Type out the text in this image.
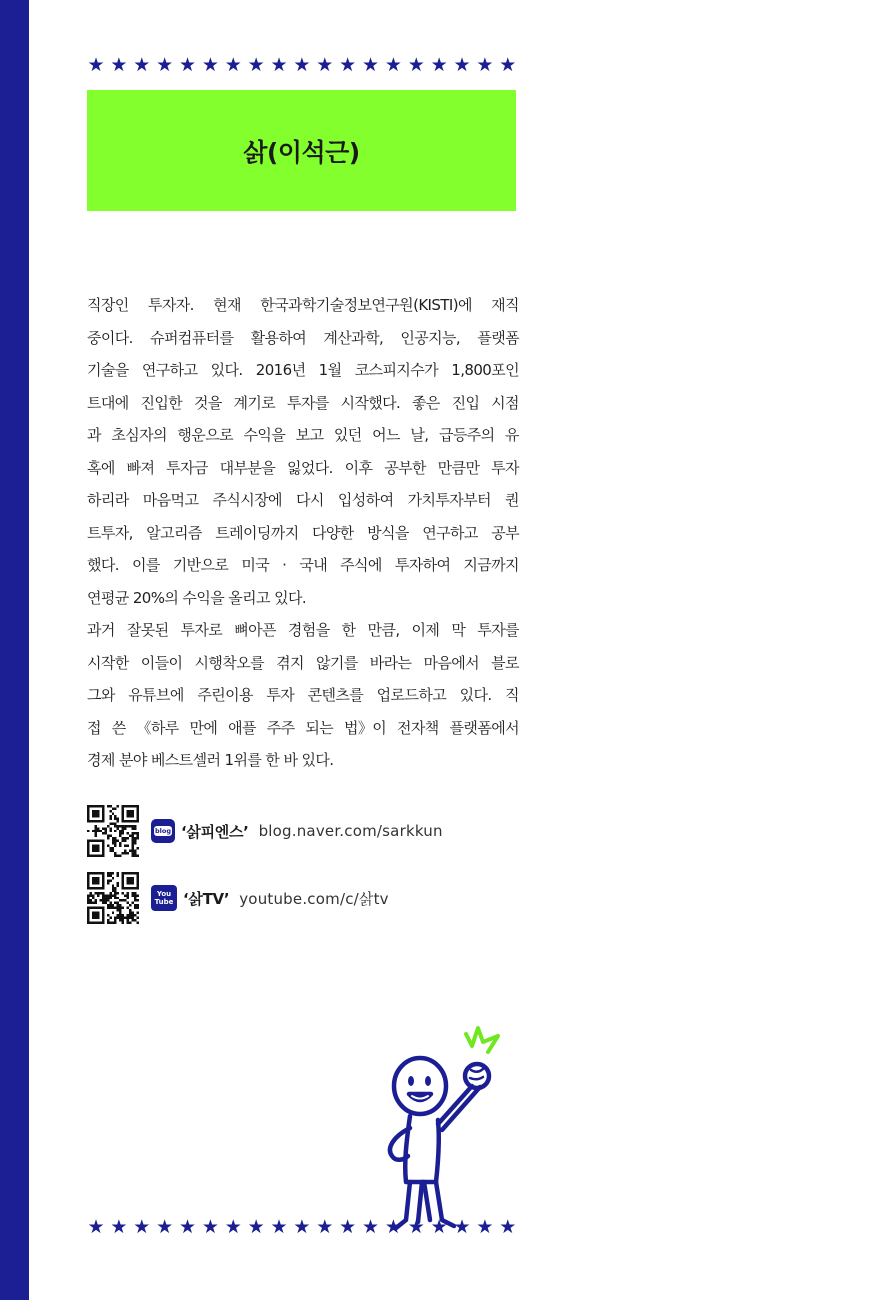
★ ★ ★ ★ ★ ★ ★ ★ ★ ★ ★ ★ ★ ★ ★ ★ ★ ★ ★
삵(이석근)
직장인 투자자. 현재 한국과학기술정보연구원(KISTI)에 재직
중이다. 슈퍼컴퓨터를 활용하여 계산과학, 인공지능, 플랫폼
기술을 연구하고 있다. 2016년 1월 코스피지수가 1,800포인
트대에 진입한 것을 계기로 투자를 시작했다. 좋은 진입 시점
과 초심자의 행운으로 수익을 보고 있던 어느 날, 급등주의 유
혹에 빠져 투자금 대부분을 잃었다. 이후 공부한 만큼만 투자
하리라 마음먹고 주식시장에 다시 입성하여 가치투자부터 퀀
트투자, 알고리즘 트레이딩까지 다양한 방식을 연구하고 공부
했다. 이를 기반으로 미국 · 국내 주식에 투자하여 지금까지
연평균 20%의 수익을 올리고 있다.
과거 잘못된 투자로 뼈아픈 경험을 한 만큼, 이제 막 투자를
시작한 이들이 시행착오를 겪지 않기를 바라는 마음에서 블로
그와 유튜브에 주린이용 투자 콘텐츠를 업로드하고 있다. 직
접 쓴 《하루 만에 애플 주주 되는 법》이 전자책 플랫폼에서
경제 분야 베스트셀러 1위를 한 바 있다.
blog ‘삵피엔스’ blog.naver.com/sarkkun
You
Tube ‘삵TV’ youtube.com/c/삵tv
★ ★ ★ ★ ★ ★ ★ ★ ★ ★ ★ ★ ★ ★ ★ ★ ★ ★ ★
